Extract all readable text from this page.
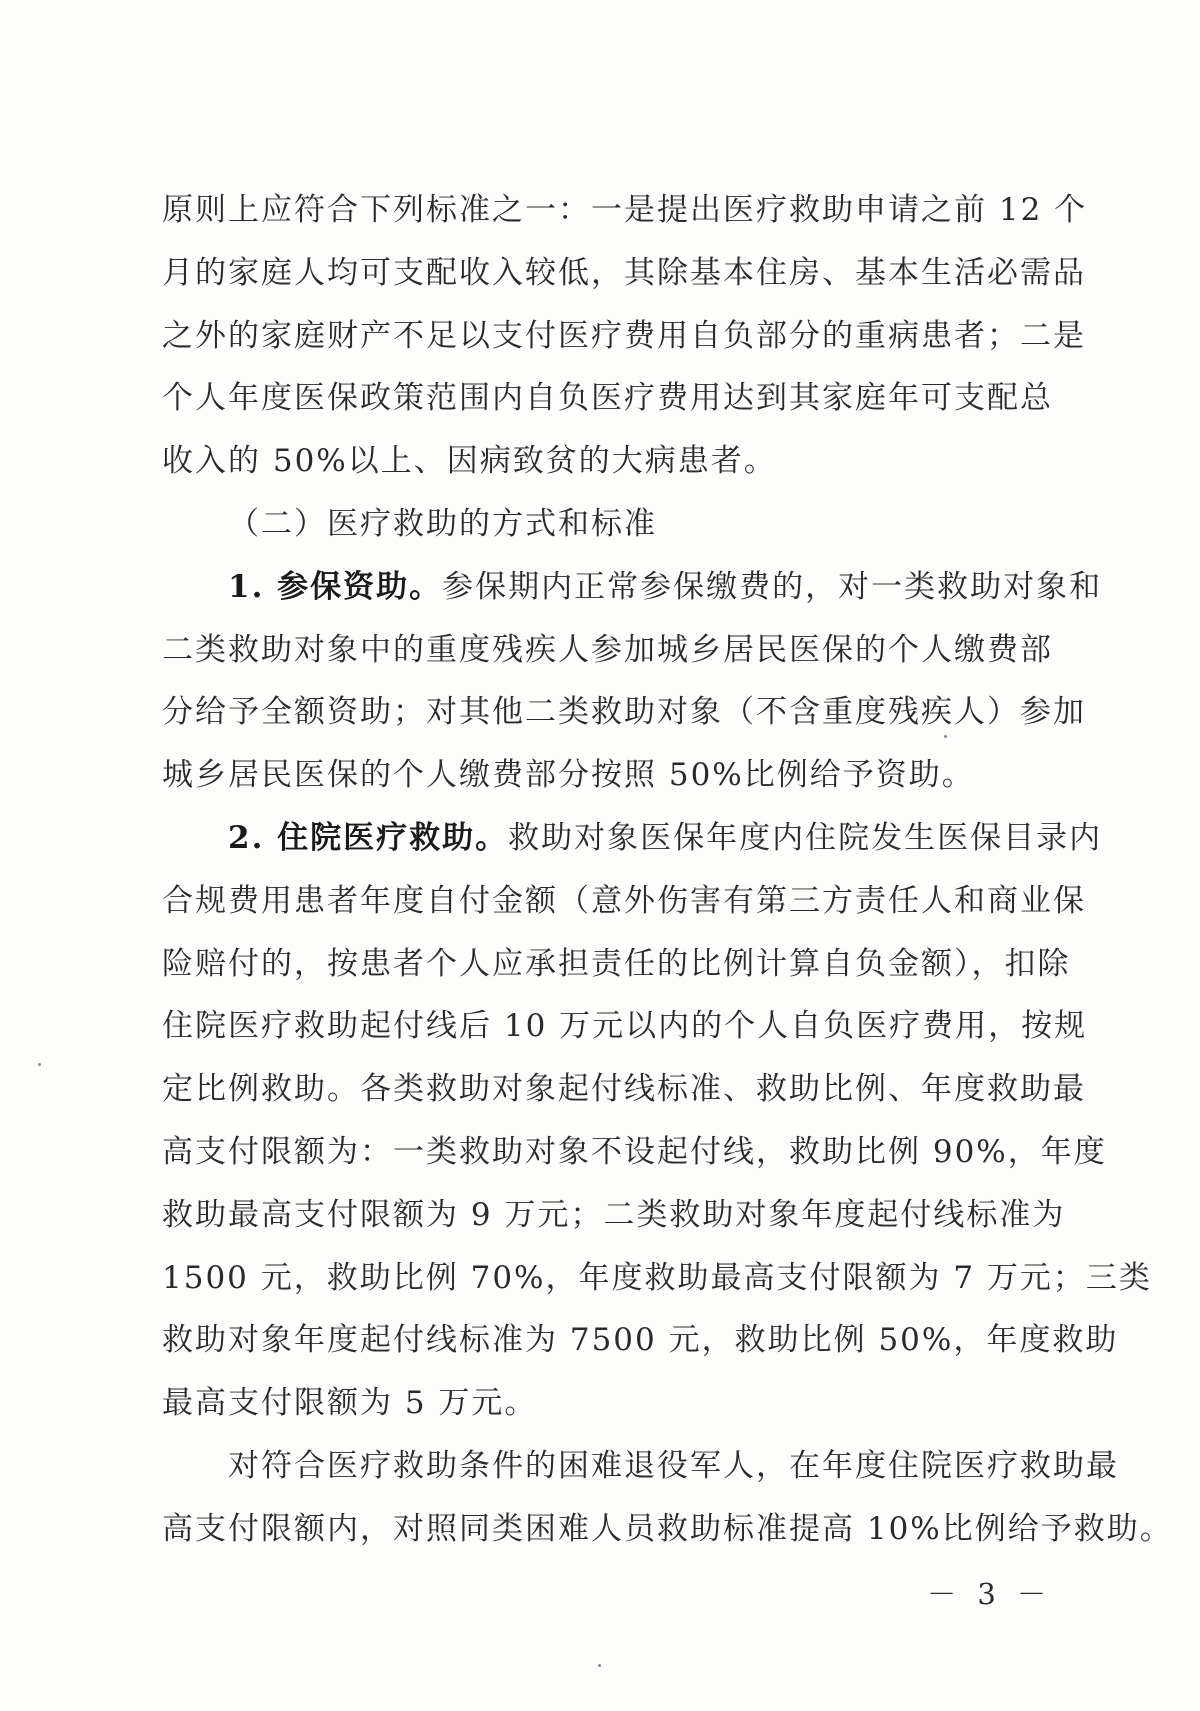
原则上应符合下列标准之一：一是提出医疗救助申请之前 12 个
月的家庭人均可支配收入较低，其除基本住房、基本生活必需品
之外的家庭财产不足以支付医疗费用自负部分的重病患者；二是
个人年度医保政策范围内自负医疗费用达到其家庭年可支配总
收入的 50%以上、因病致贫的大病患者。
（二）医疗救助的方式和标准
1. 参保资助。参保期内正常参保缴费的，对一类救助对象和
二类救助对象中的重度残疾人参加城乡居民医保的个人缴费部
分给予全额资助；对其他二类救助对象（不含重度残疾人）参加
城乡居民医保的个人缴费部分按照 50%比例给予资助。
2. 住院医疗救助。救助对象医保年度内住院发生医保目录内
合规费用患者年度自付金额（意外伤害有第三方责任人和商业保
险赔付的，按患者个人应承担责任的比例计算自负金额），扣除
住院医疗救助起付线后 10 万元以内的个人自负医疗费用，按规
定比例救助。各类救助对象起付线标准、救助比例、年度救助最
高支付限额为：一类救助对象不设起付线，救助比例 90%，年度
救助最高支付限额为 9 万元；二类救助对象年度起付线标准为
1500 元，救助比例 70%，年度救助最高支付限额为 7 万元；三类
救助对象年度起付线标准为 7500 元，救助比例 50%，年度救助
最高支付限额为 5 万元。
对符合医疗救助条件的困难退役军人，在年度住院医疗救助最
高支付限额内，对照同类困难人员救助标准提高 10%比例给予救助。
－ 3 －
